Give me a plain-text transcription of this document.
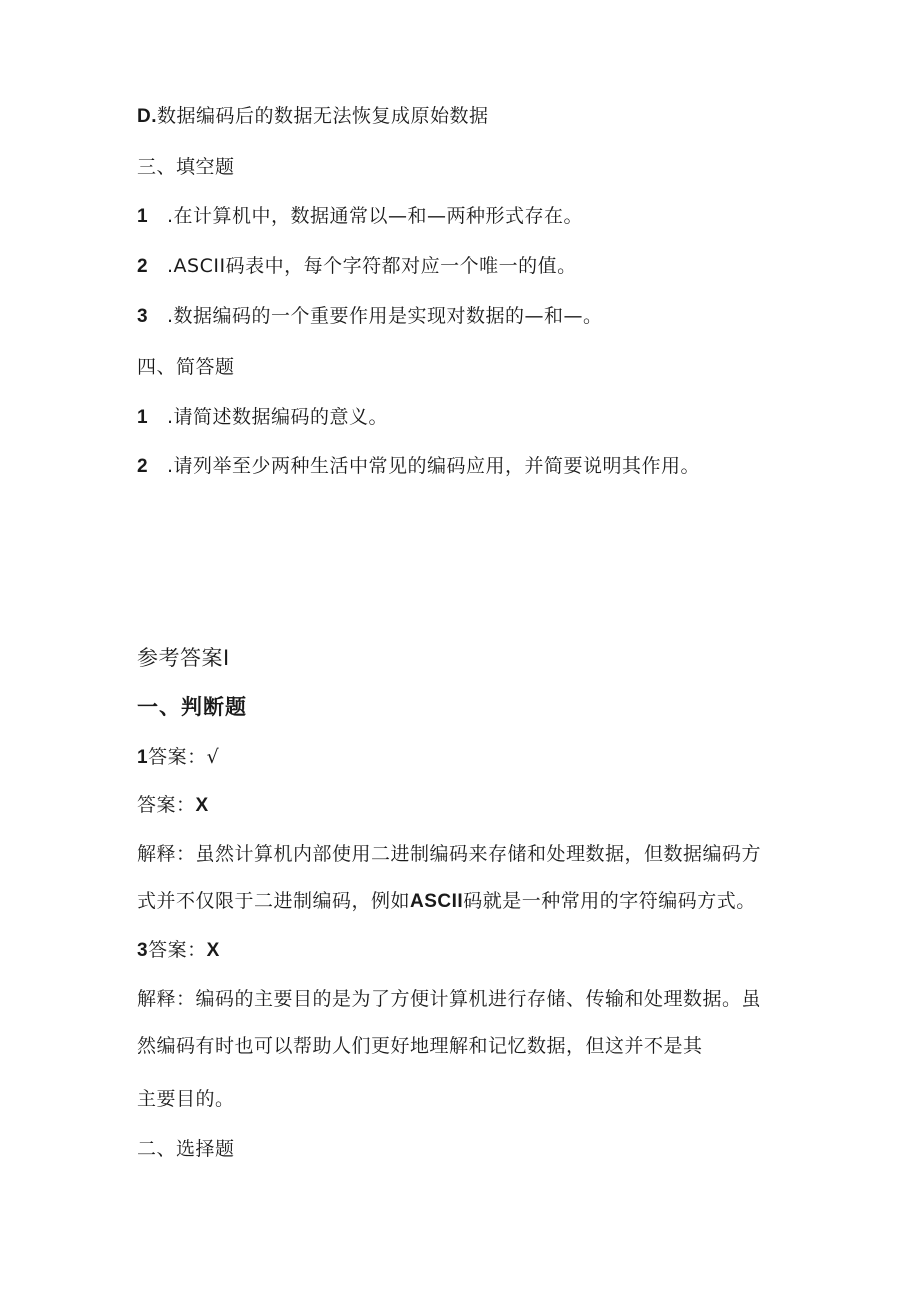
D.数据编码后的数据无法恢复成原始数据
三、填空题
1 .在计算机中，数据通常以—和—两种形式存在。
2 .ASCII码表中，每个字符都对应一个唯一的值。
3 .数据编码的一个重要作用是实现对数据的—和—。
四、简答题
1 .请简述数据编码的意义。
2 .请列举至少两种生活中常见的编码应用，并简要说明其作用。
参考答案I
一、判断题
1答案：√
答案：X
解释：虽然计算机内部使用二进制编码来存储和处理数据，但数据编码方
式并不仅限于二进制编码，例如ASCII码就是一种常用的字符编码方式。
3答案：X
解释：编码的主要目的是为了方便计算机进行存储、传输和处理数据。虽
然编码有时也可以帮助人们更好地理解和记忆数据，但这并不是其
主要目的。
二、选择题
